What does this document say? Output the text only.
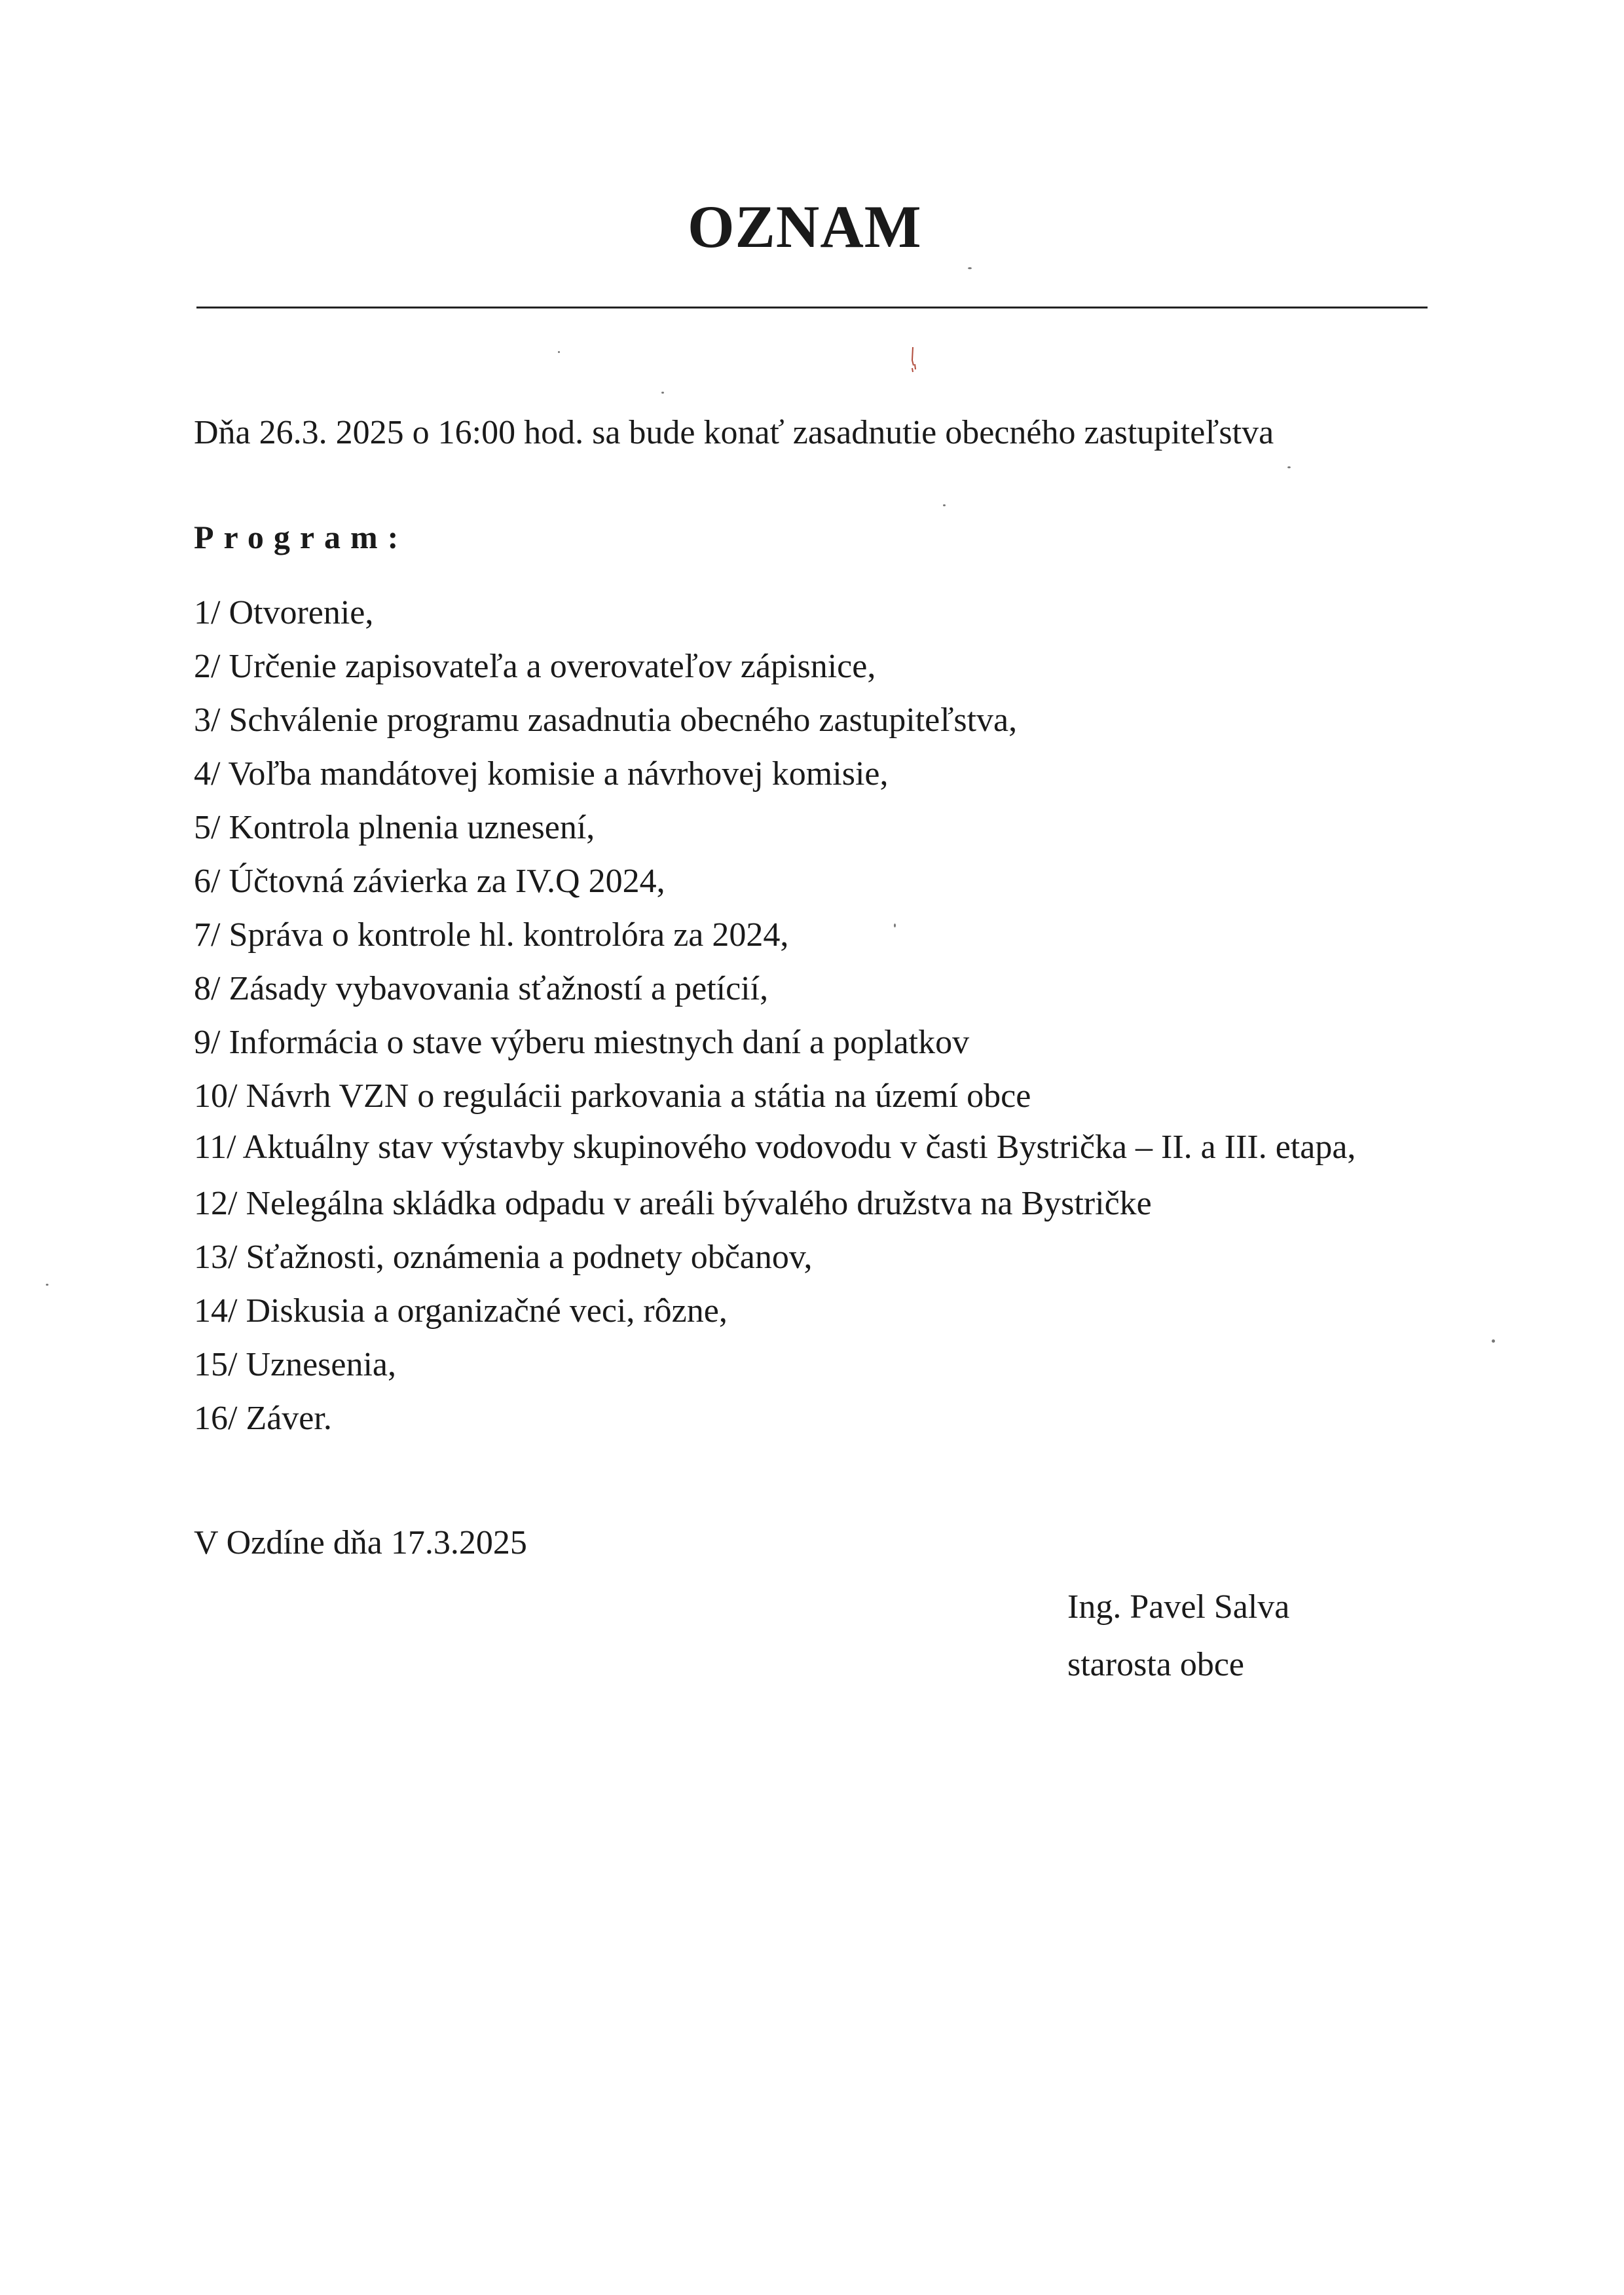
OZNAM

Dňa 26.3. 2025 o 16:00 hod. sa bude konať zasadnutie obecného zastupiteľstva

Program:

1/ Otvorenie,
2/ Určenie zapisovateľa a overovateľov zápisnice,
3/ Schválenie programu zasadnutia obecného zastupiteľstva,
4/ Voľba mandátovej komisie a návrhovej komisie,
5/ Kontrola plnenia uznesení,
6/ Účtovná závierka za IV.Q 2024,
7/ Správa o kontrole hl. kontrolóra za 2024,
8/ Zásady vybavovania sťažností a petícií,
9/ Informácia o stave výberu miestnych daní a poplatkov
10/ Návrh VZN o regulácii parkovania a státia na území obce
11/ Aktuálny stav výstavby skupinového vodovodu v časti Bystrička – II. a III. etapa,
12/ Nelegálna skládka odpadu v areáli bývalého družstva na Bystričke
13/ Sťažnosti, oznámenia a podnety občanov,
14/ Diskusia a organizačné veci, rôzne,
15/ Uznesenia,
16/ Záver.

V Ozdíne dňa 17.3.2025

Ing. Pavel Salva
starosta obce
